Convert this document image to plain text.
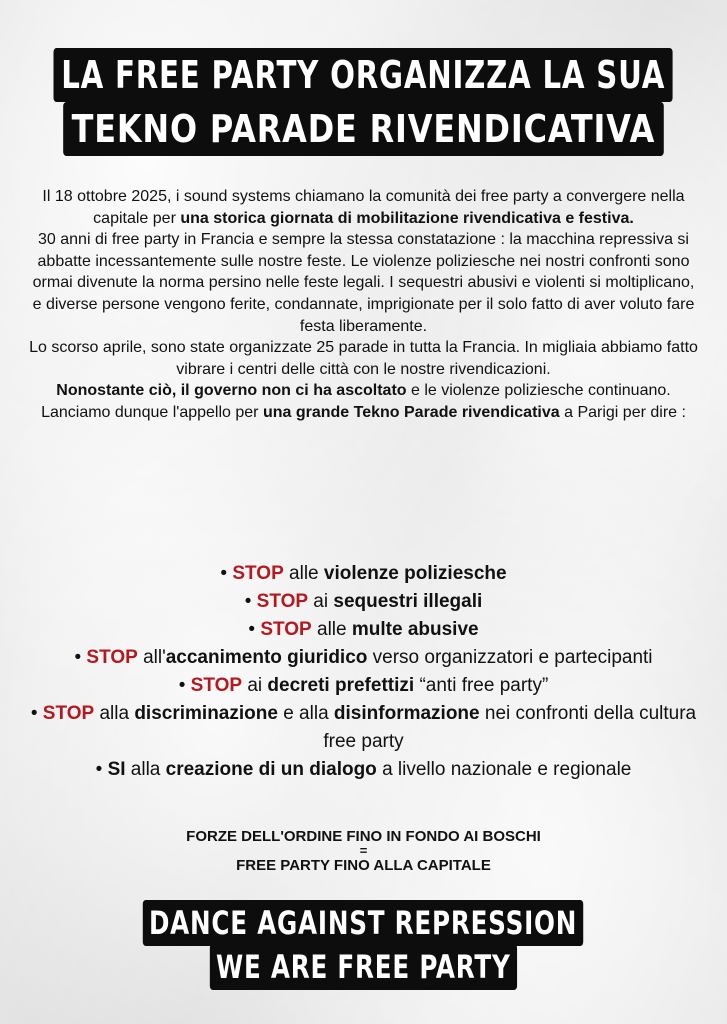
LA FREE PARTY ORGANIZZA LA SUA
TEKNO PARADE RIVENDICATIVA

Il 18 ottobre 2025, i sound systems chiamano la comunità dei free party a convergere nella capitale per una storica giornata di mobilitazione rivendicativa e festiva.

30 anni di free party in Francia e sempre la stessa constatazione : la macchina repressiva si abbatte incessantemente sulle nostre feste. Le violenze poliziesche nei nostri confronti sono ormai divenute la norma persino nelle feste legali. I sequestri abusivi e violenti si moltiplicano, e diverse persone vengono ferite, condannate, imprigionate per il solo fatto di aver voluto fare festa liberamente.

Lo scorso aprile, sono state organizzate 25 parade in tutta la Francia. In migliaia abbiamo fatto vibrare i centri delle città con le nostre rivendicazioni.

Nonostante ciò, il governo non ci ha ascoltato e le violenze poliziesche continuano.

Lanciamo dunque l'appello per una grande Tekno Parade rivendicativa a Parigi per dire :

• STOP alle violenze poliziesche

• STOP ai sequestri illegali

• STOP alle multe abusive

• STOP all'accanimento giuridico verso organizzatori e partecipanti

• STOP ai decreti prefettizi “anti free party”

• STOP alla discriminazione e alla disinformazione nei confronti della cultura free party

• SI alla creazione di un dialogo a livello nazionale e regionale

FORZE DELL'ORDINE FINO IN FONDO AI BOSCHI
=
FREE PARTY FINO ALLA CAPITALE
DANCE AGAINST REPRESSION
WE ARE FREE PARTY
